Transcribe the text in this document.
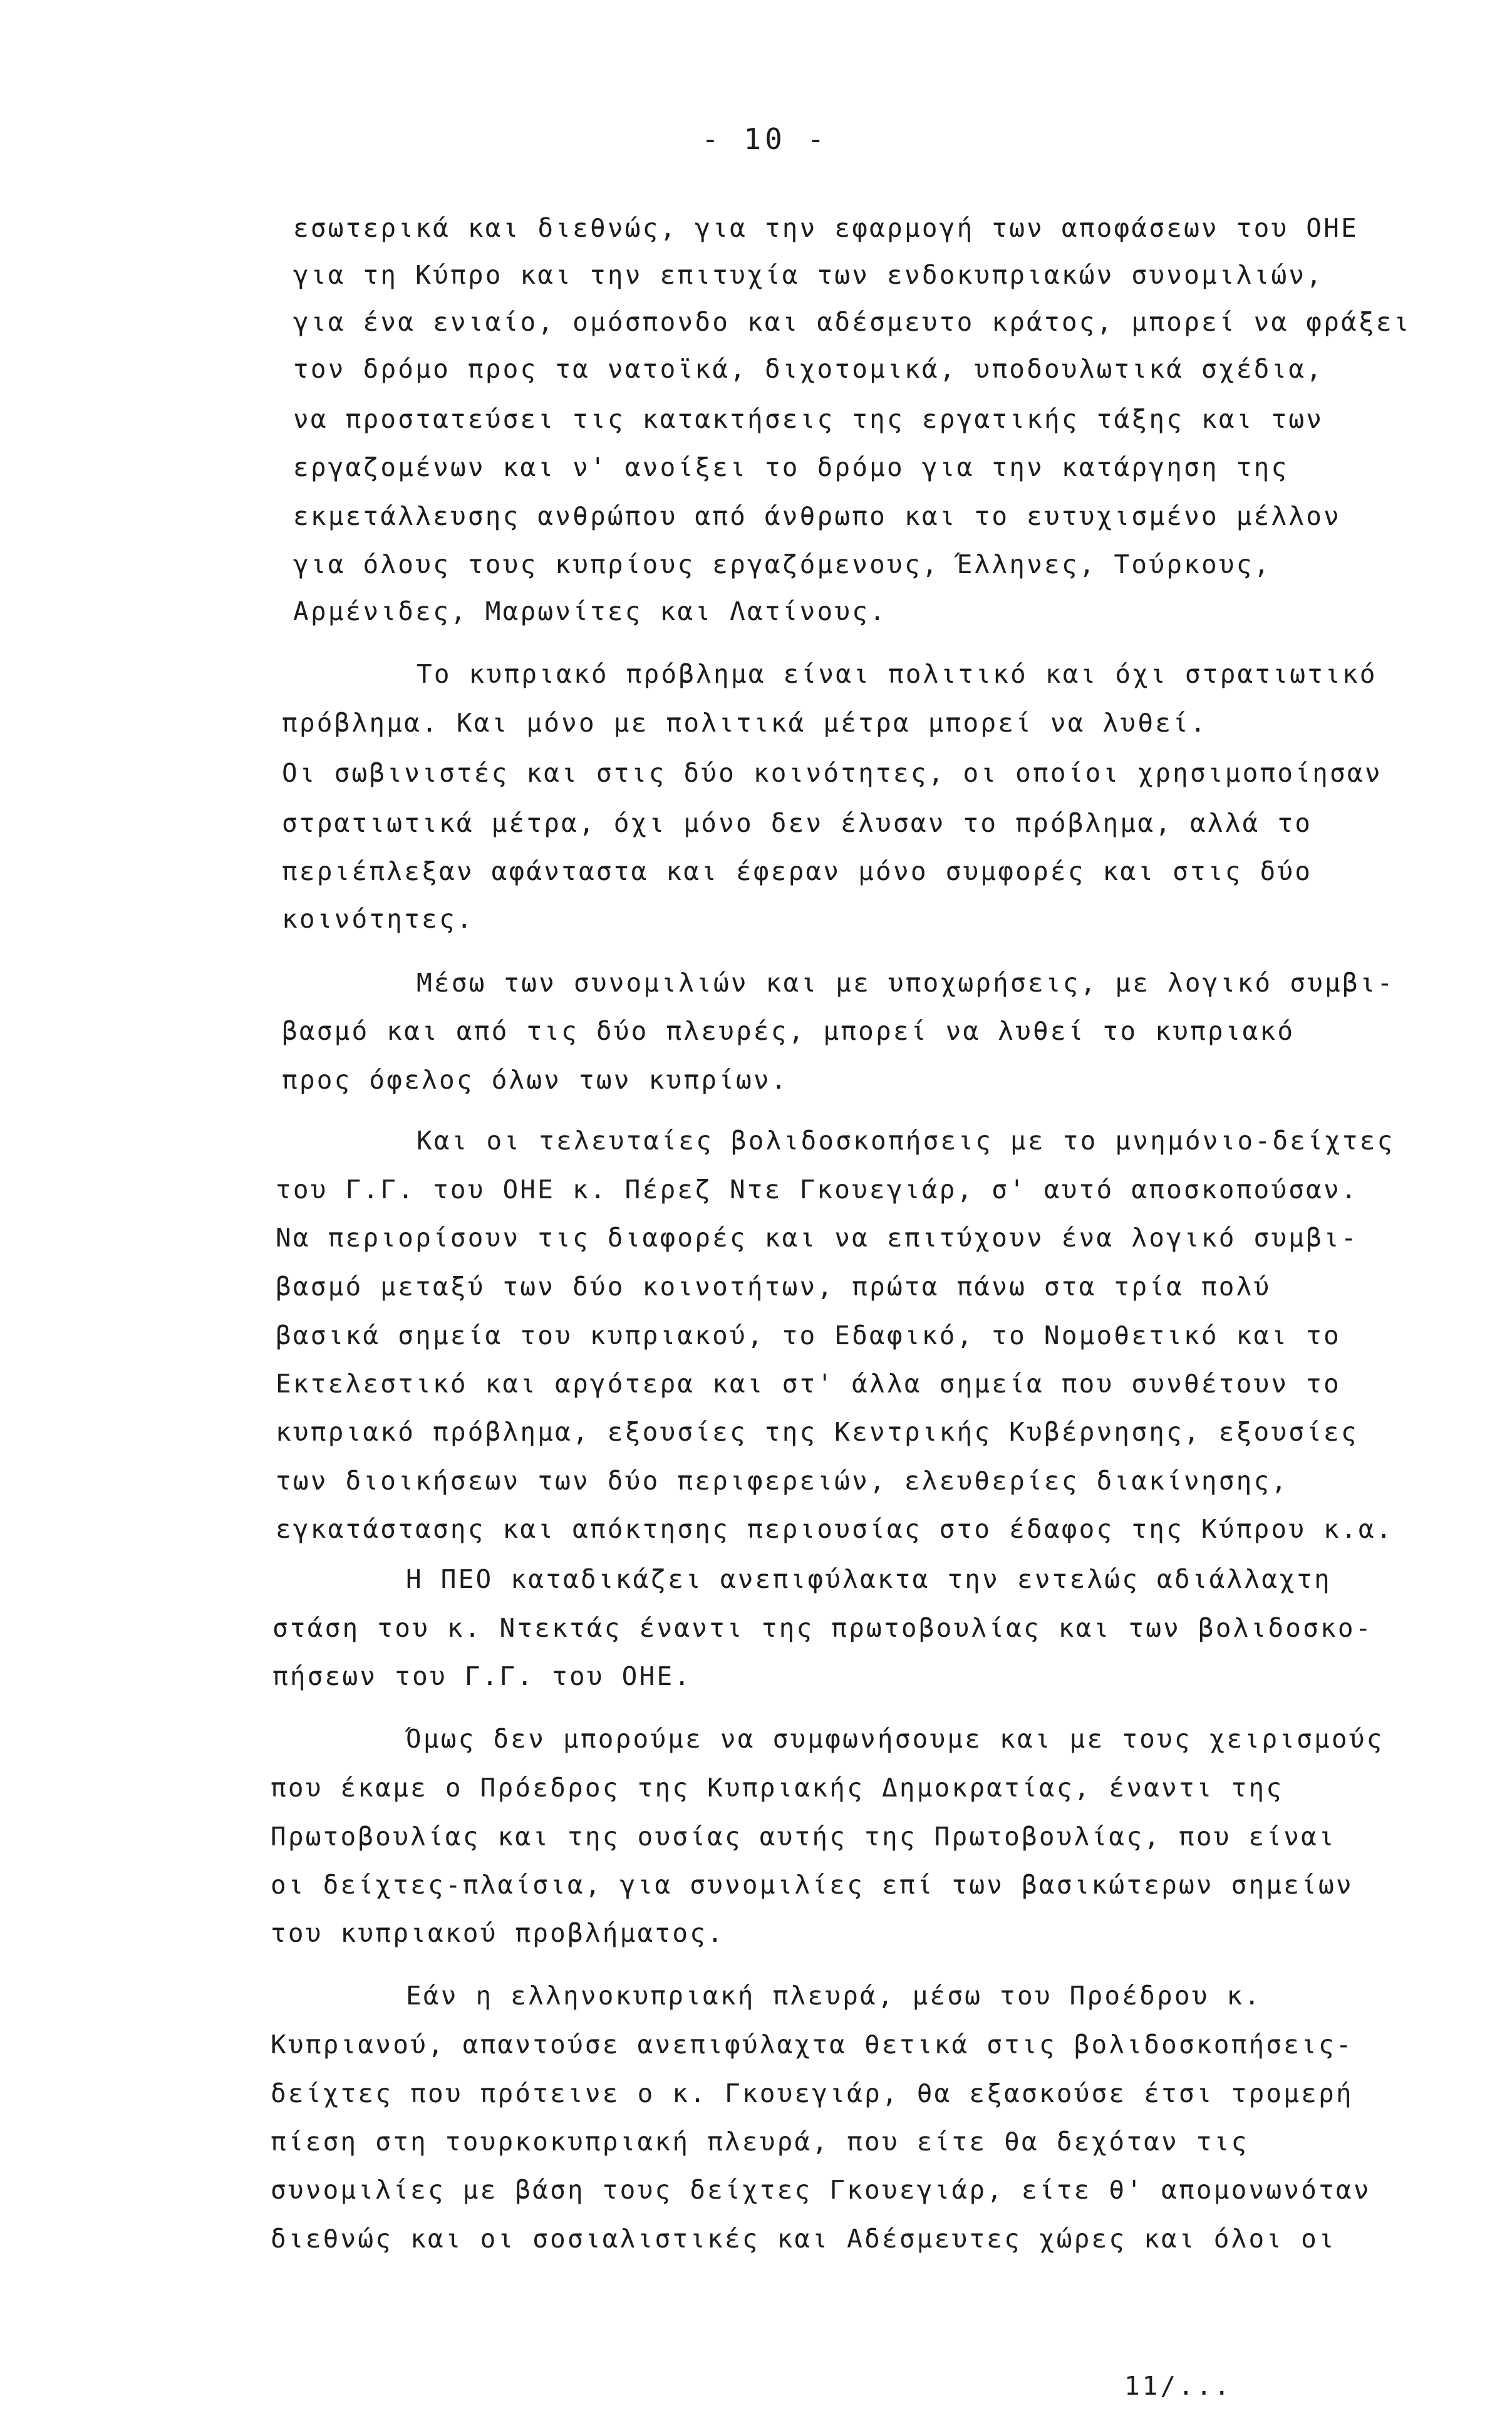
- 10 -
εσωτερικά και διεθνώς, για την εφαρμογή των αποφάσεων του ΟΗΕ
για τη Κύπρο και την επιτυχία των ενδοκυπριακών συνομιλιών,
για ένα ενιαίο, ομόσπονδο και αδέσμευτο κράτος, μπορεί να φράξει
τον δρόμο προς τα νατοϊκά, διχοτομικά, υποδουλωτικά σχέδια,
να προστατεύσει τις κατακτήσεις της εργατικής τάξης και των
εργαζομένων και ν' ανοίξει το δρόμο για την κατάργηση της
εκμετάλλευσης ανθρώπου από άνθρωπο και το ευτυχισμένο μέλλον
για όλους τους κυπρίους εργαζόμενους, Έλληνες, Τούρκους,
Αρμένιδες, Μαρωνίτες και Λατίνους.
Το κυπριακό πρόβλημα είναι πολιτικό και όχι στρατιωτικό
πρόβλημα. Και μόνο με πολιτικά μέτρα μπορεί να λυθεί.
Οι σωβινιστές και στις δύο κοινότητες, οι οποίοι χρησιμοποίησαν
στρατιωτικά μέτρα, όχι μόνο δεν έλυσαν το πρόβλημα, αλλά το
περιέπλεξαν αφάνταστα και έφεραν μόνο συμφορές και στις δύο
κοινότητες.
Μέσω των συνομιλιών και με υποχωρήσεις, με λογικό συμβι-
βασμό και από τις δύο πλευρές, μπορεί να λυθεί το κυπριακό
προς όφελος όλων των κυπρίων.
Και οι τελευταίες βολιδοσκοπήσεις με το μνημόνιο-δείχτες
του Γ.Γ. του ΟΗΕ κ. Πέρεζ Ντε Γκουεγιάρ, σ' αυτό αποσκοπούσαν.
Να περιορίσουν τις διαφορές και να επιτύχουν ένα λογικό συμβι-
βασμό μεταξύ των δύο κοινοτήτων, πρώτα πάνω στα τρία πολύ
βασικά σημεία του κυπριακού, το Εδαφικό, το Νομοθετικό και το
Εκτελεστικό και αργότερα και στ' άλλα σημεία που συνθέτουν το
κυπριακό πρόβλημα, εξουσίες της Κεντρικής Κυβέρνησης, εξουσίες
των διοικήσεων των δύο περιφερειών, ελευθερίες διακίνησης,
εγκατάστασης και απόκτησης περιουσίας στο έδαφος της Κύπρου κ.α.
Η ΠΕΟ καταδικάζει ανεπιφύλακτα την εντελώς αδιάλλαχτη
στάση του κ. Ντεκτάς έναντι της πρωτοβουλίας και των βολιδοσκο-
πήσεων του Γ.Γ. του ΟΗΕ.
Όμως δεν μπορούμε να συμφωνήσουμε και με τους χειρισμούς
που έκαμε ο Πρόεδρος της Κυπριακής Δημοκρατίας, έναντι της
Πρωτοβουλίας και της ουσίας αυτής της Πρωτοβουλίας, που είναι
οι δείχτες-πλαίσια, για συνομιλίες επί των βασικώτερων σημείων
του κυπριακού προβλήματος.
Εάν η ελληνοκυπριακή πλευρά, μέσω του Προέδρου κ.
Κυπριανού, απαντούσε ανεπιφύλαχτα θετικά στις βολιδοσκοπήσεις-
δείχτες που πρότεινε ο κ. Γκουεγιάρ, θα εξασκούσε έτσι τρομερή
πίεση στη τουρκοκυπριακή πλευρά, που είτε θα δεχόταν τις
συνομιλίες με βάση τους δείχτες Γκουεγιάρ, είτε θ' απομονωνόταν
διεθνώς και οι σοσιαλιστικές και Αδέσμευτες χώρες και όλοι οι
11/...
